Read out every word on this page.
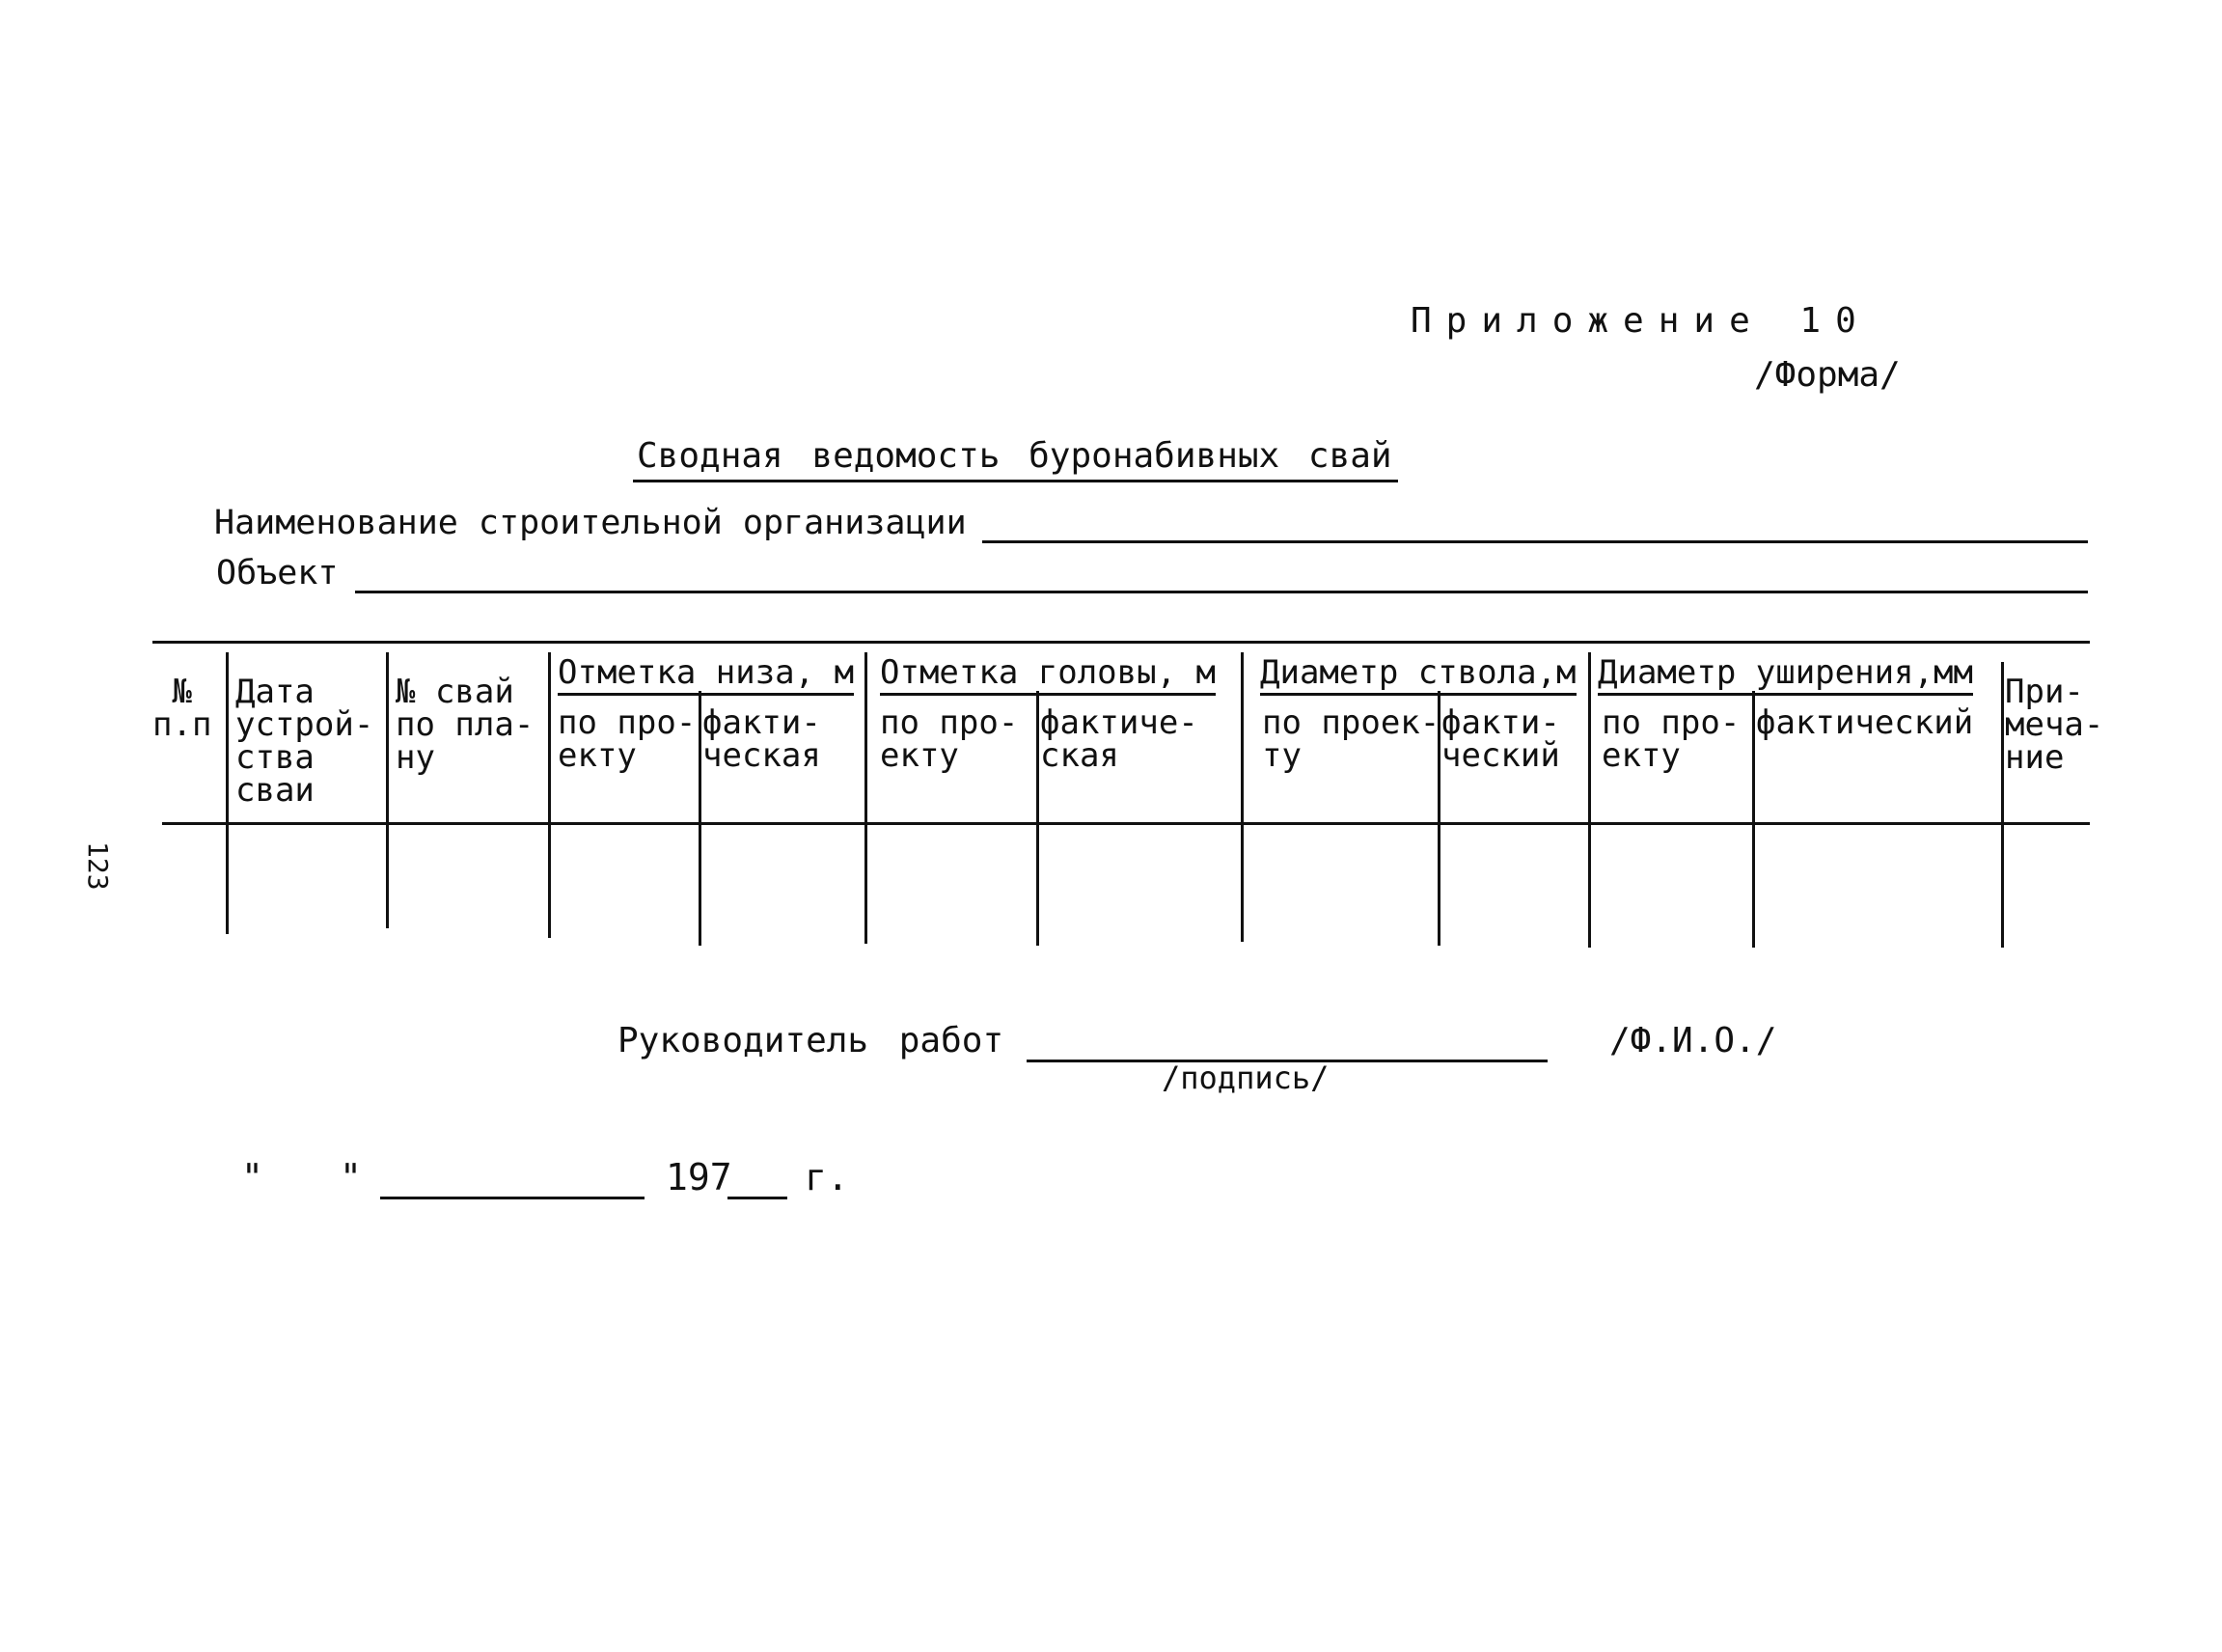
Приложение 10
/Форма/
Сводная ведомость буронабивных свай
Наименование строительной организации
Объект
№
п.п
Дата
устрой-
ства
сваи
№ свай
по пла-
ну
Отметка низа, м
по про-
екту
факти-
ческая
Отметка головы, м
по про-
екту
фактиче-
ская
Диаметр ствола,м
по проек-
ту
факти-
ческий
Диаметр уширения,мм
по про-
екту
фактический
При-
меча-
ние
123
Руководитель работ
/подпись/
/Ф.И.О./
" "	197 г.
